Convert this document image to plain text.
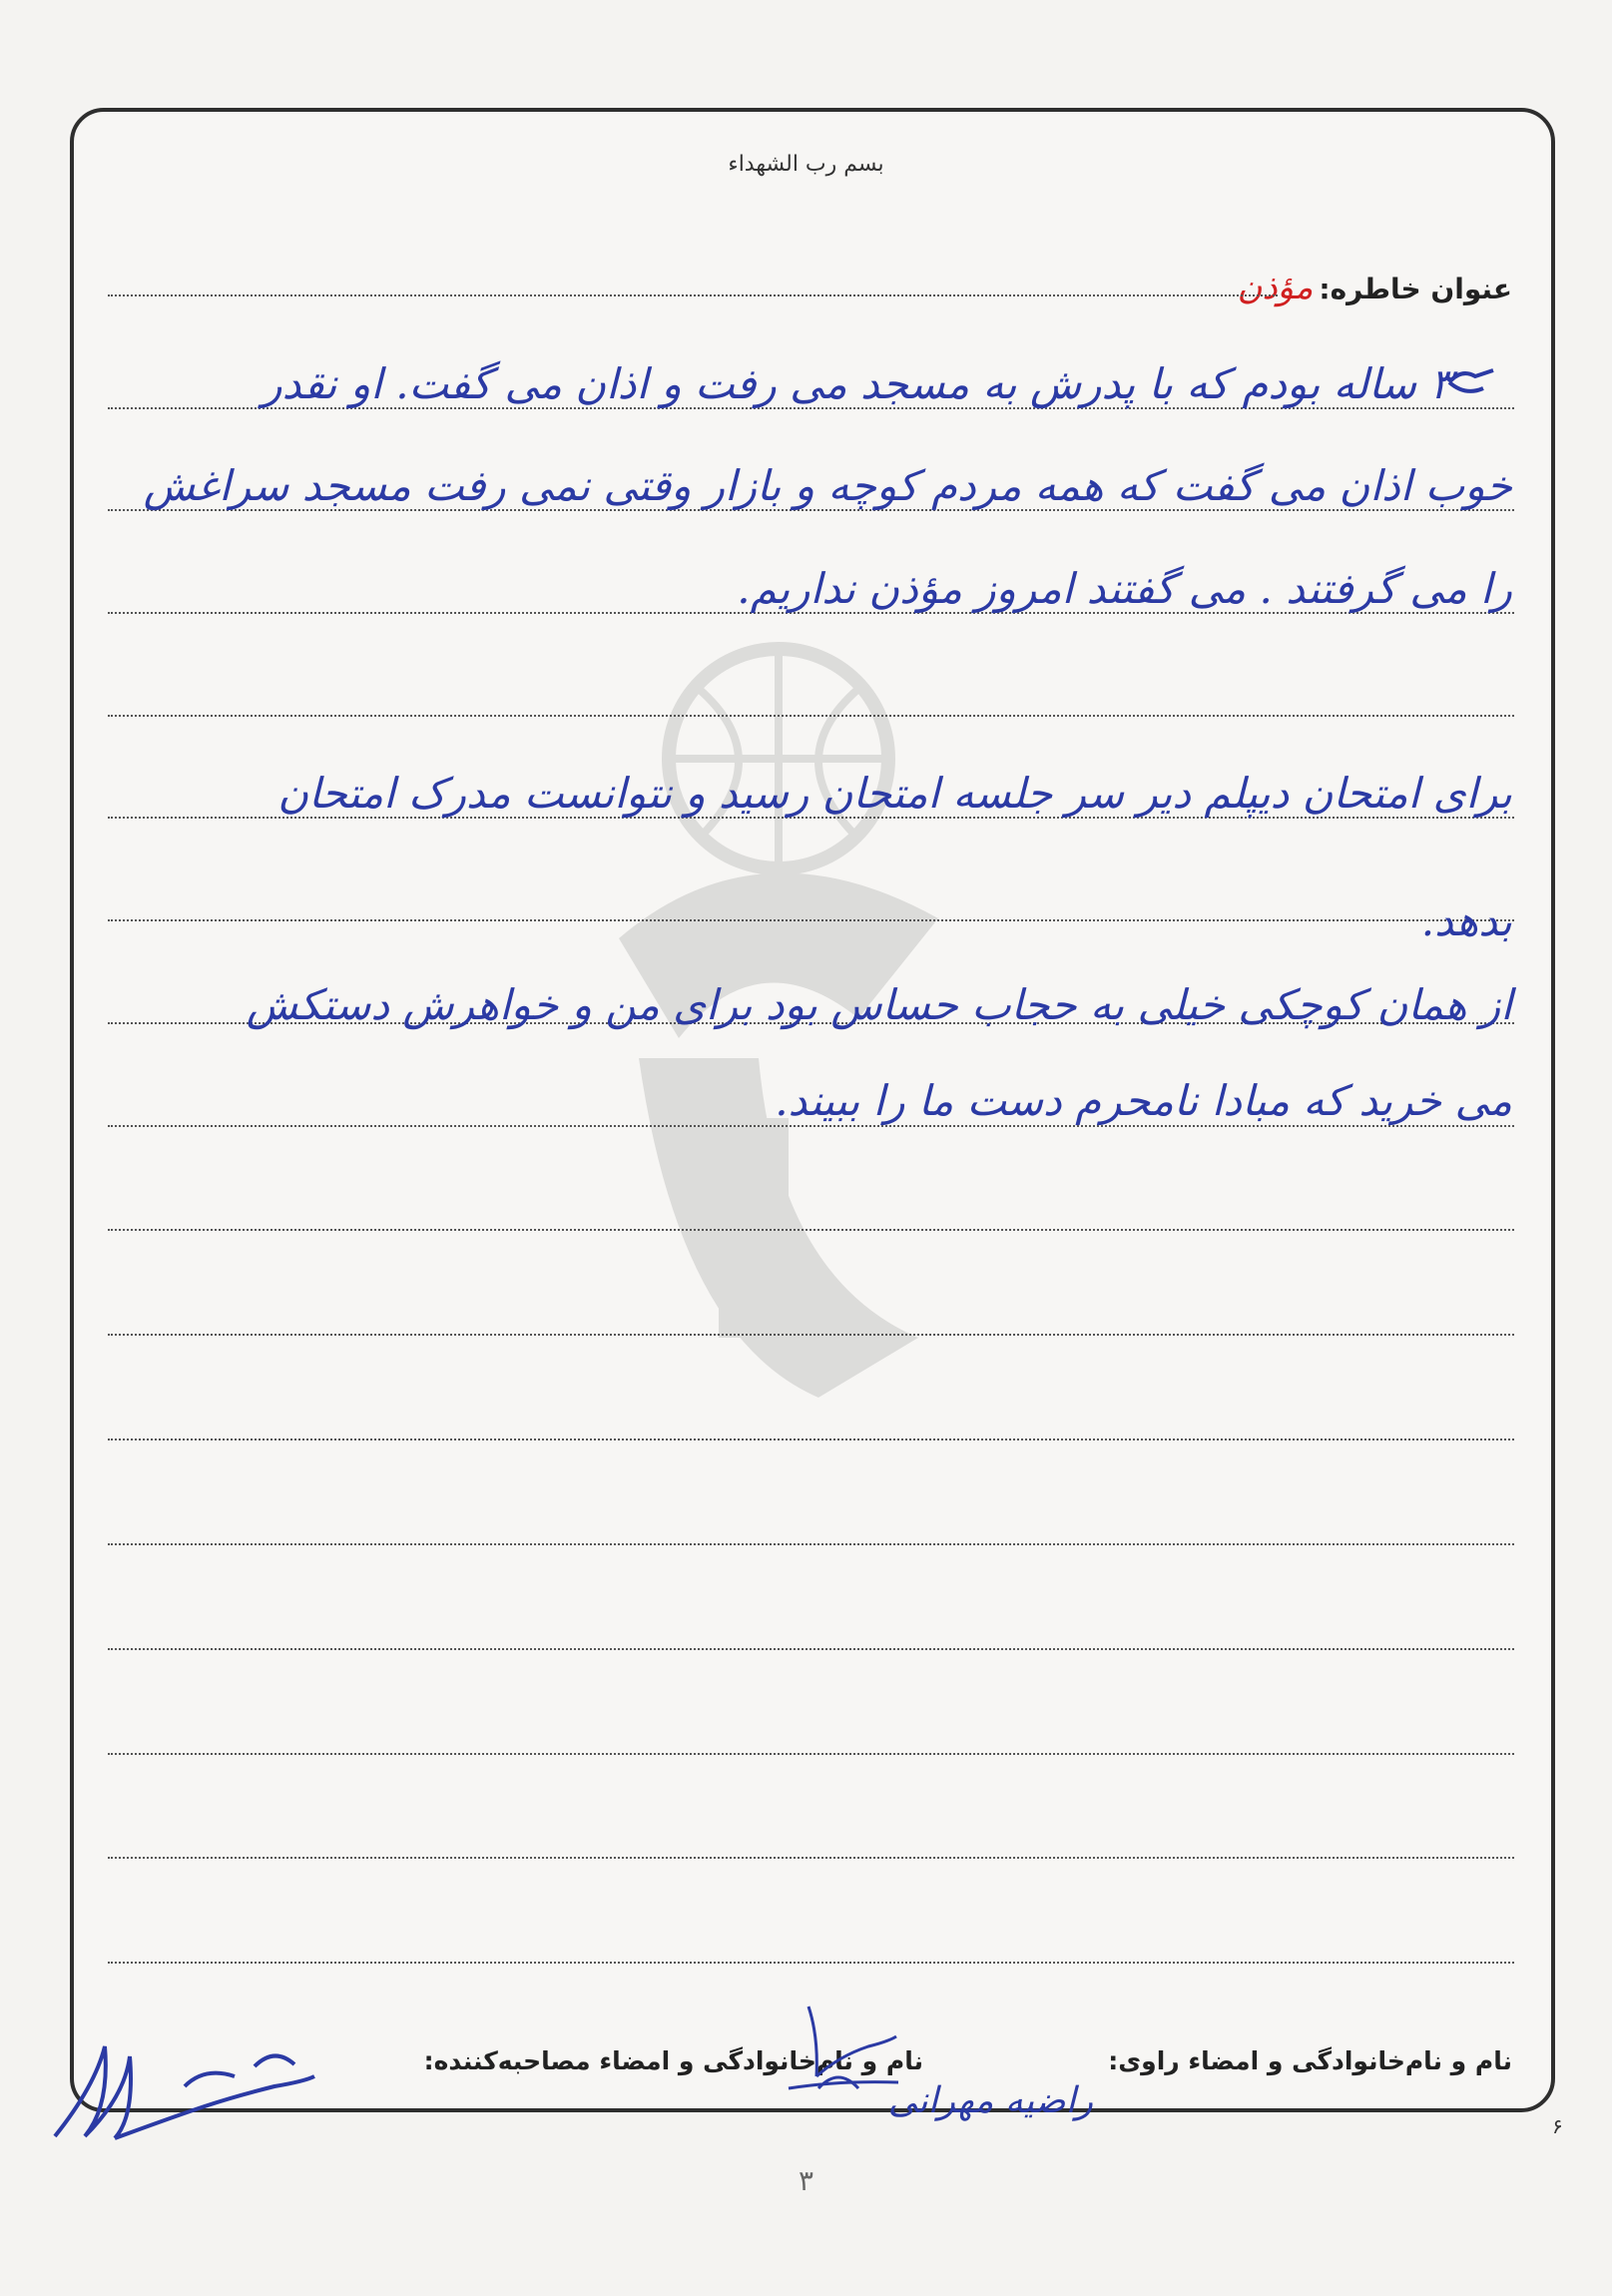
بسم رب الشهداء
عنوان خاطره:مؤذن
۳ ساله بودم که با پدرش به مسجد می رفت و اذان می گفت. او نقدر
خوب اذان می گفت که همه مردم کوچه و بازار وقتی نمی رفت مسجد سراغش
را می گرفتند . می گفتند امروز مؤذن نداریم.
برای امتحان دیپلم دیر سر جلسه امتحان رسید و نتوانست مدرک امتحان
بدهد.
از همان کوچکی خیلی به حجاب حساس بود برای من و خواهرش دستکش
می خرید که مبادا نامحرم دست ما را ببیند.
نام و نام‌خانوادگی و امضاء راوی:
نام و نام‌خانوادگی و امضاء مصاحبه‌کننده:
راضیه مهرانی
۶
۳
